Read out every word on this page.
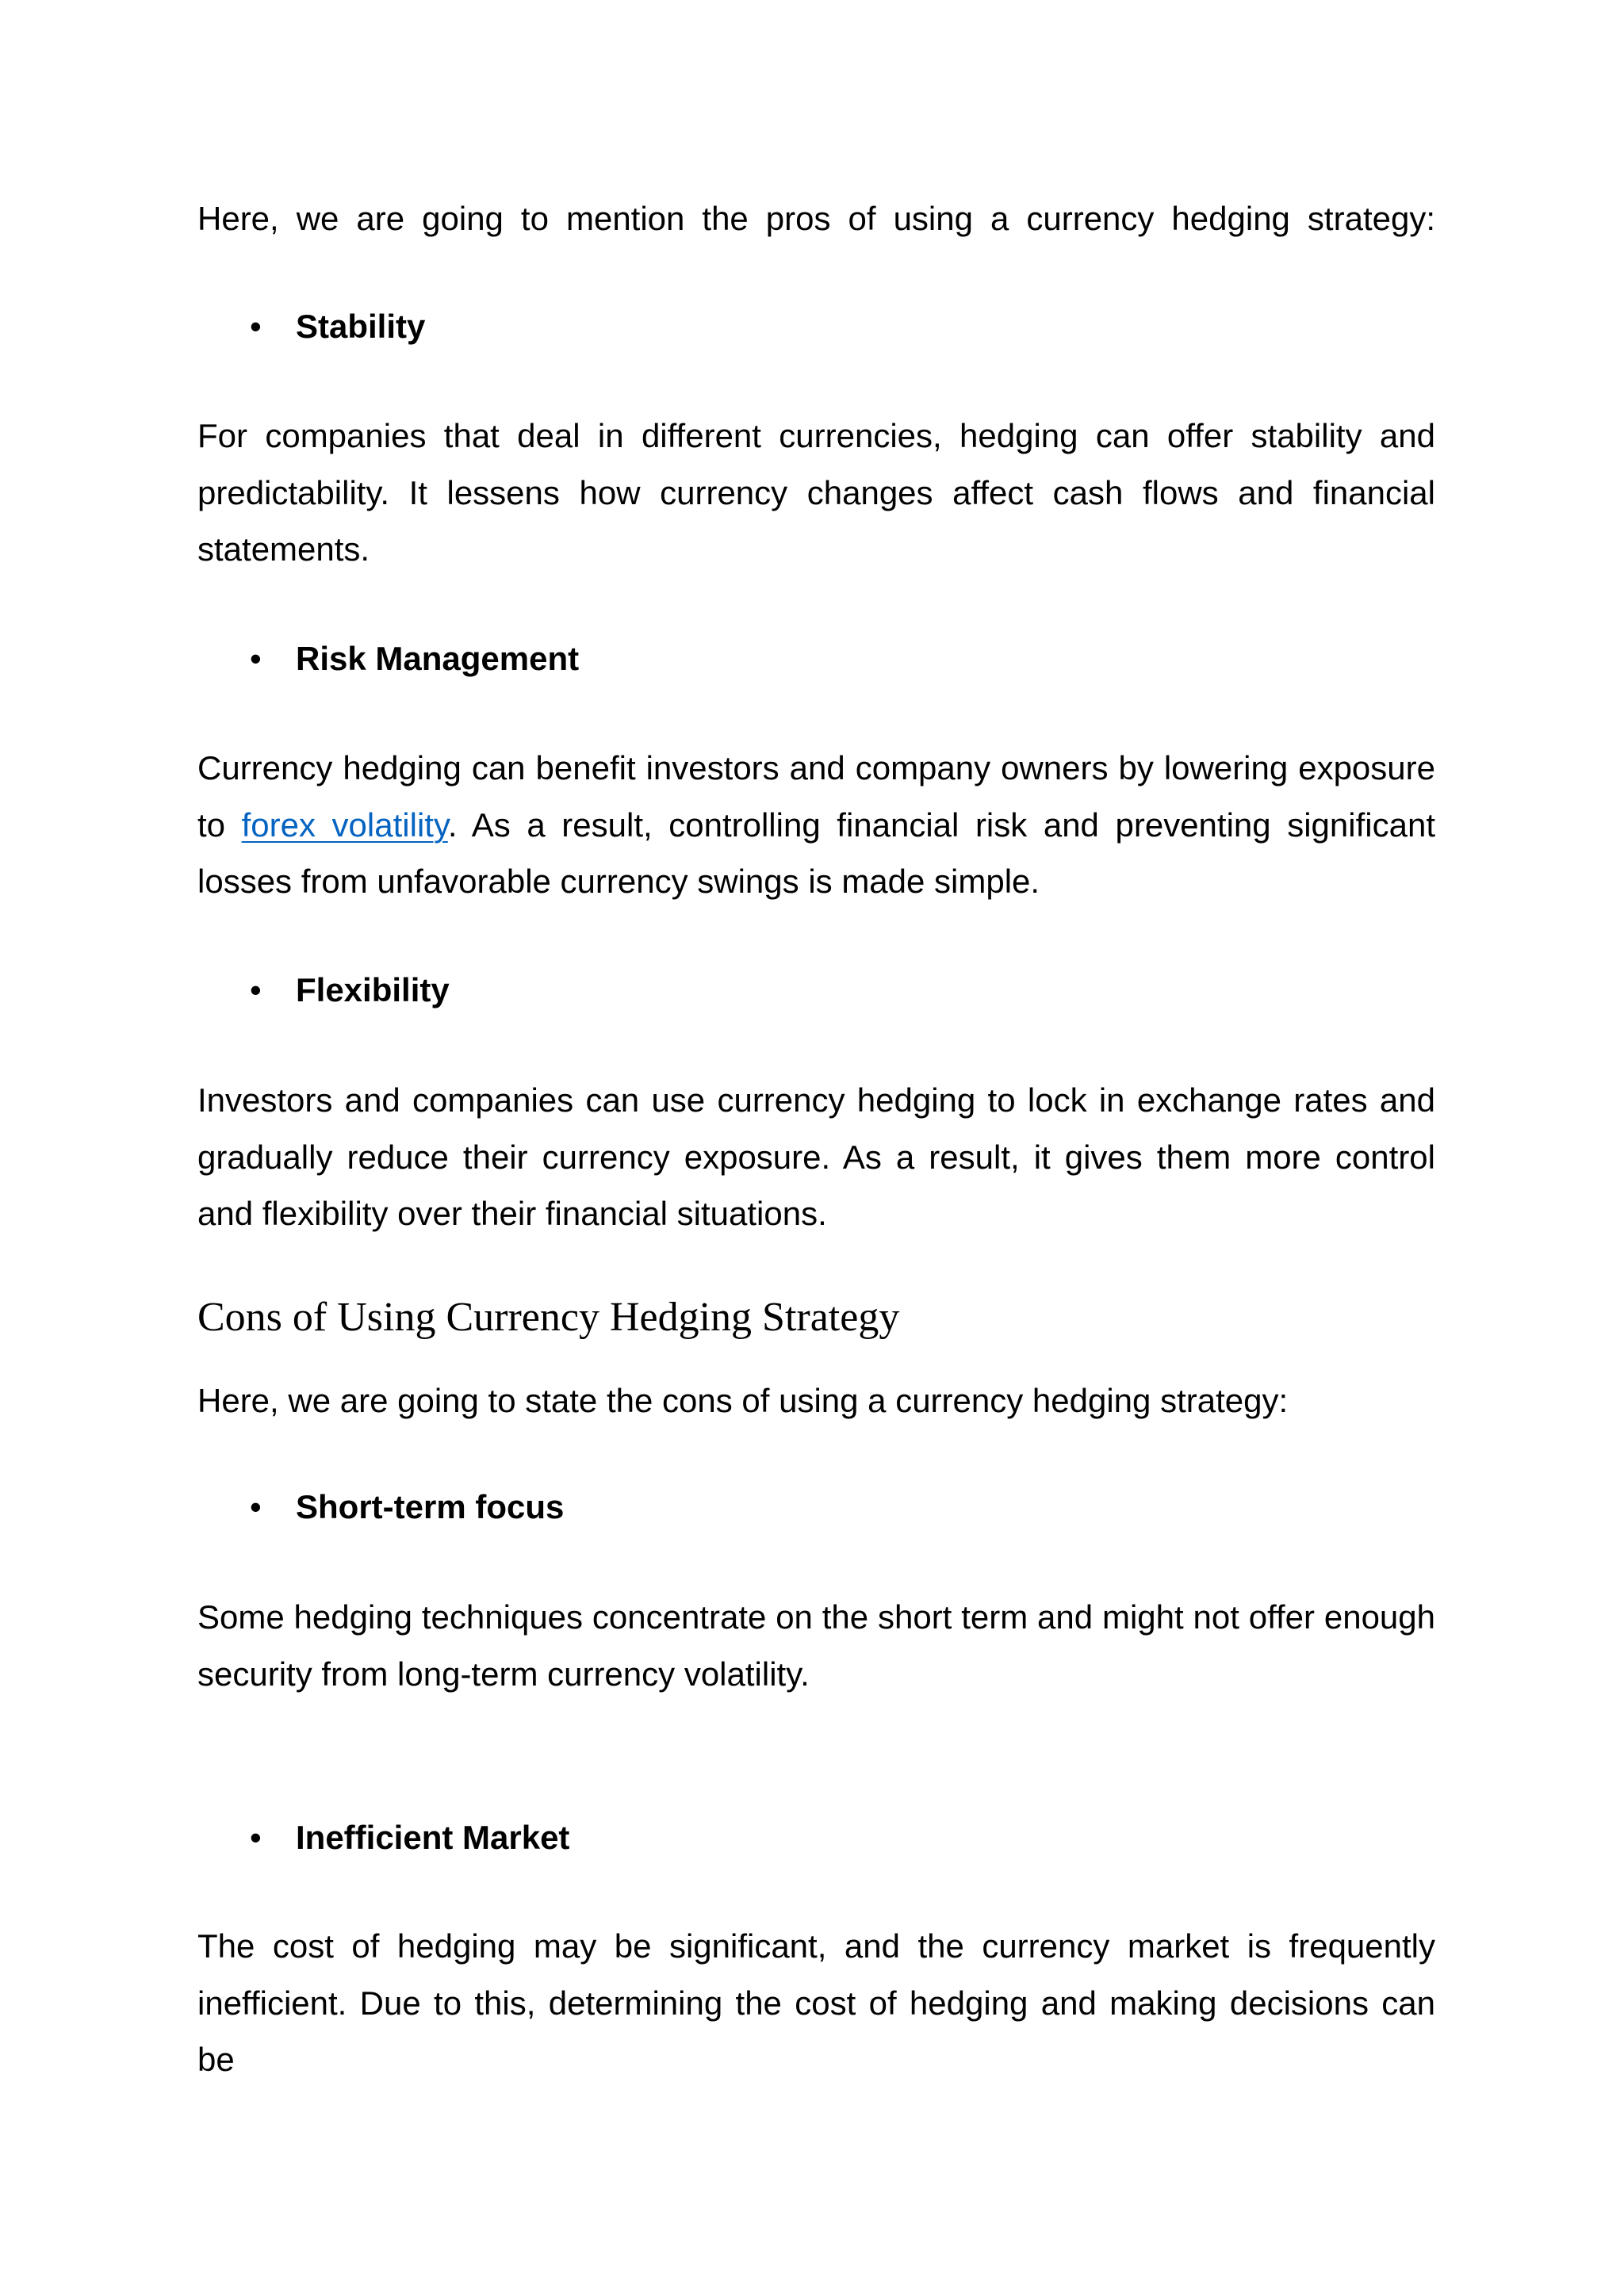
Here, we are going to mention the pros of using a currency hedging strategy:

• Stability

For companies that deal in different currencies, hedging can offer stability and predictability. It lessens how currency changes affect cash flows and financial statements.

• Risk Management

Currency hedging can benefit investors and company owners by lowering exposure to forex volatility. As a result, controlling financial risk and preventing significant losses from unfavorable currency swings is made simple.

• Flexibility

Investors and companies can use currency hedging to lock in exchange rates and gradually reduce their currency exposure. As a result, it gives them more control and flexibility over their financial situations.

Cons of Using Currency Hedging Strategy

Here, we are going to state the cons of using a currency hedging strategy:

• Short-term focus

Some hedging techniques concentrate on the short term and might not offer enough security from long-term currency volatility.

• Inefficient Market

The cost of hedging may be significant, and the currency market is frequently inefficient. Due to this, determining the cost of hedging and making decisions can be
